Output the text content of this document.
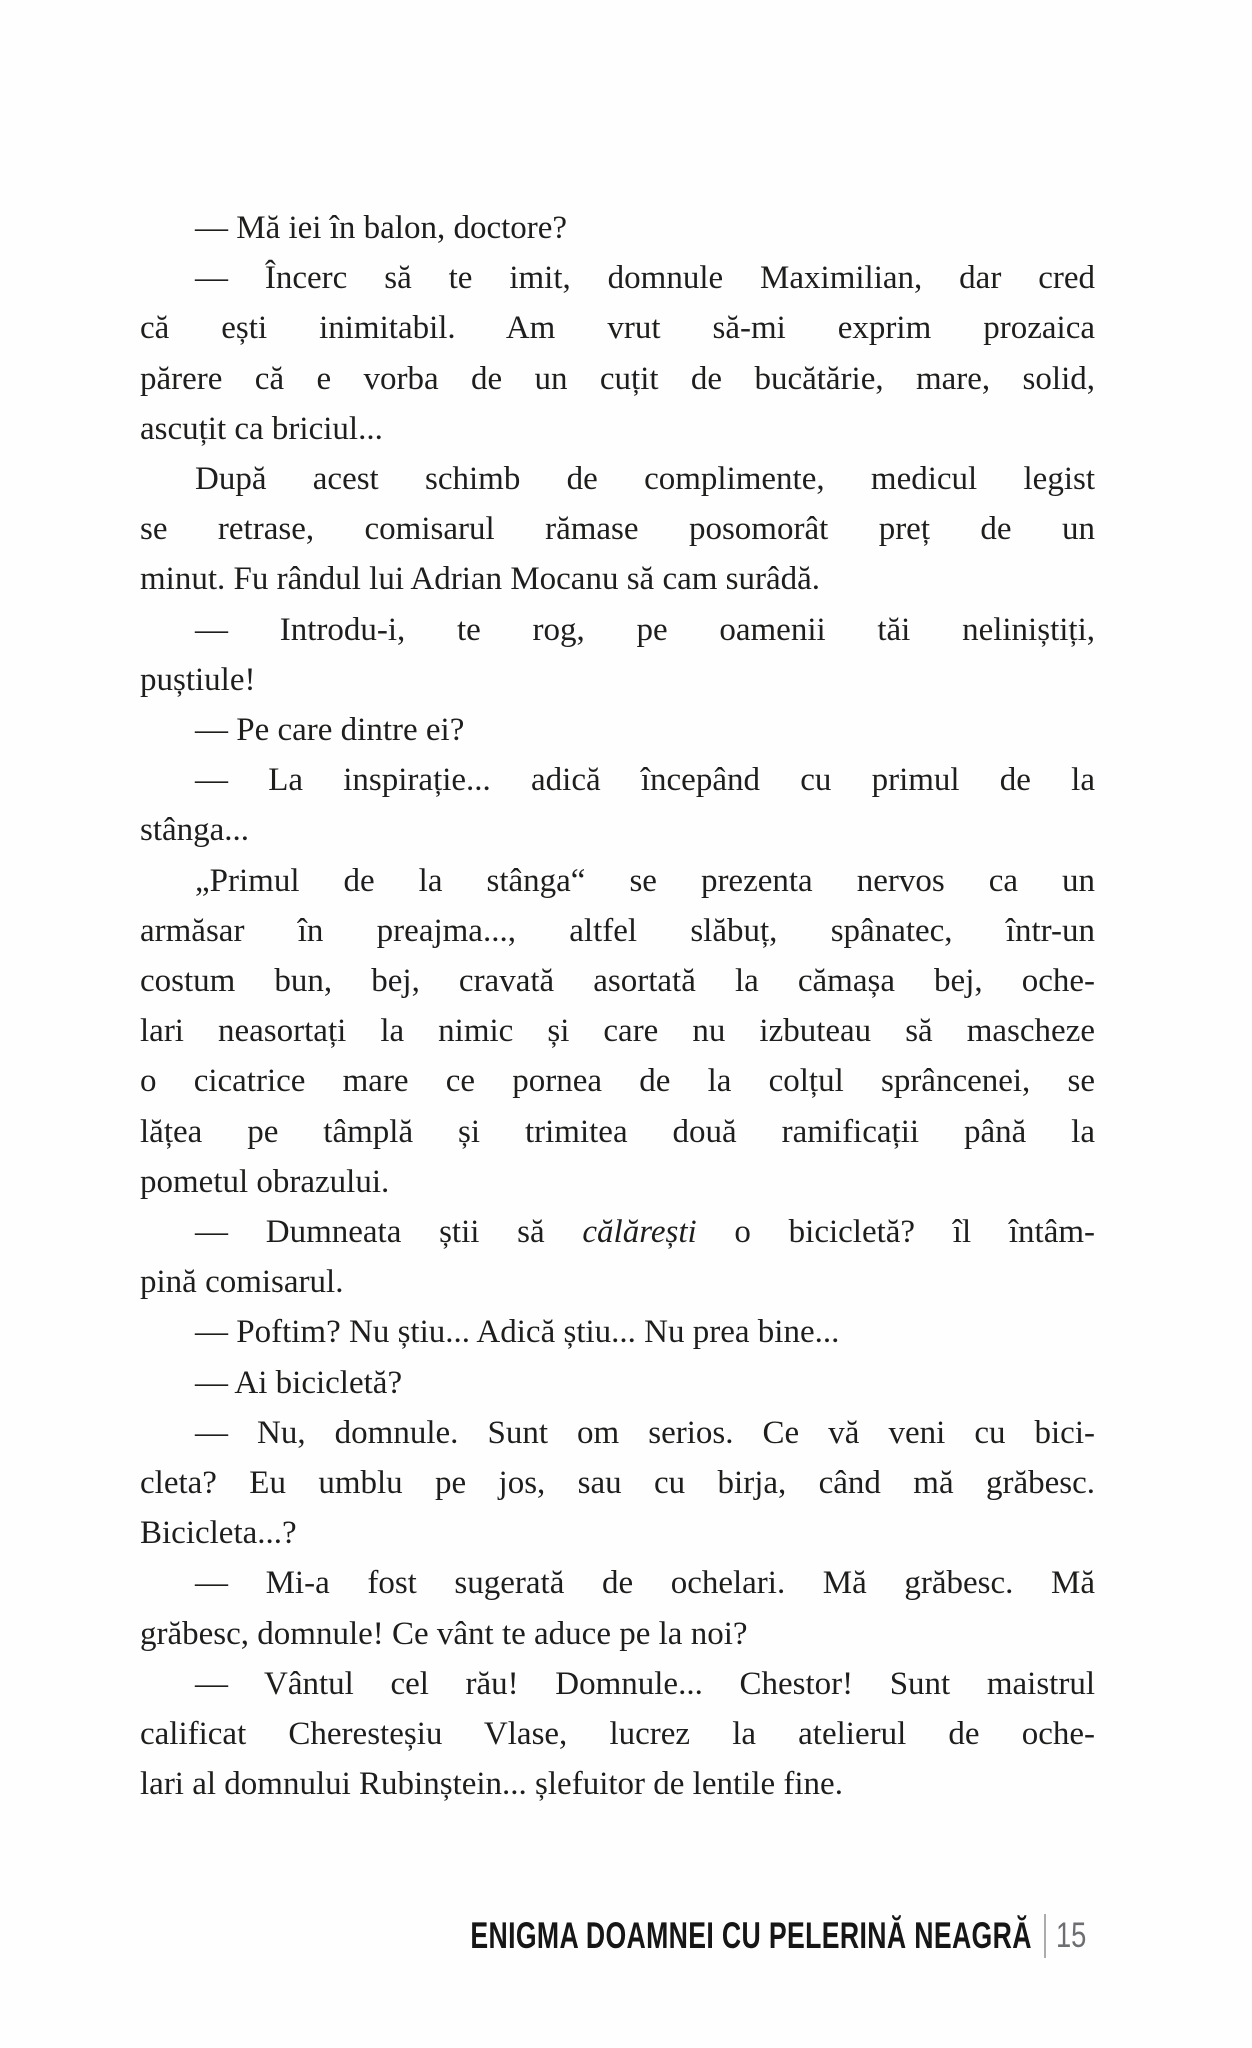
— Mă iei în balon, doctore?
— Încerc să te imit, domnule Maximilian, dar cred
că ești inimitabil. Am vrut să-mi exprim prozaica
părere că e vorba de un cuțit de bucătărie, mare, solid,
ascuțit ca briciul...
După acest schimb de complimente, medicul legist
se retrase, comisarul rămase posomorât preț de un
minut. Fu rândul lui Adrian Mocanu să cam surâdă.
— Introdu-i, te rog, pe oamenii tăi neliniștiți,
puștiule!
— Pe care dintre ei?
— La inspirație... adică începând cu primul de la
stânga...
„Primul de la stânga“ se prezenta nervos ca un
armăsar în preajma..., altfel slăbuț, spânatec, într-un
costum bun, bej, cravată asortată la cămașa bej, oche-
lari neasortați la nimic și care nu izbuteau să mascheze
o cicatrice mare ce pornea de la colțul sprâncenei, se
lățea pe tâmplă și trimitea două ramificații până la
pometul obrazului.
— Dumneata știi să călărești o bicicletă? îl întâm-
pină comisarul.
— Poftim? Nu știu... Adică știu... Nu prea bine...
— Ai bicicletă?
— Nu, domnule. Sunt om serios. Ce vă veni cu bici-
cleta? Eu umblu pe jos, sau cu birja, când mă grăbesc.
Bicicleta...?
— Mi-a fost sugerată de ochelari. Mă grăbesc. Mă
grăbesc, domnule! Ce vânt te aduce pe la noi?
— Vântul cel rău! Domnule... Chestor! Sunt maistrul
calificat Cheresteșiu Vlase, lucrez la atelierul de oche-
lari al domnului Rubinștein... șlefuitor de lentile fine.
ENIGMA DOAMNEI CU PELERINĂ NEAGRĂ 15
